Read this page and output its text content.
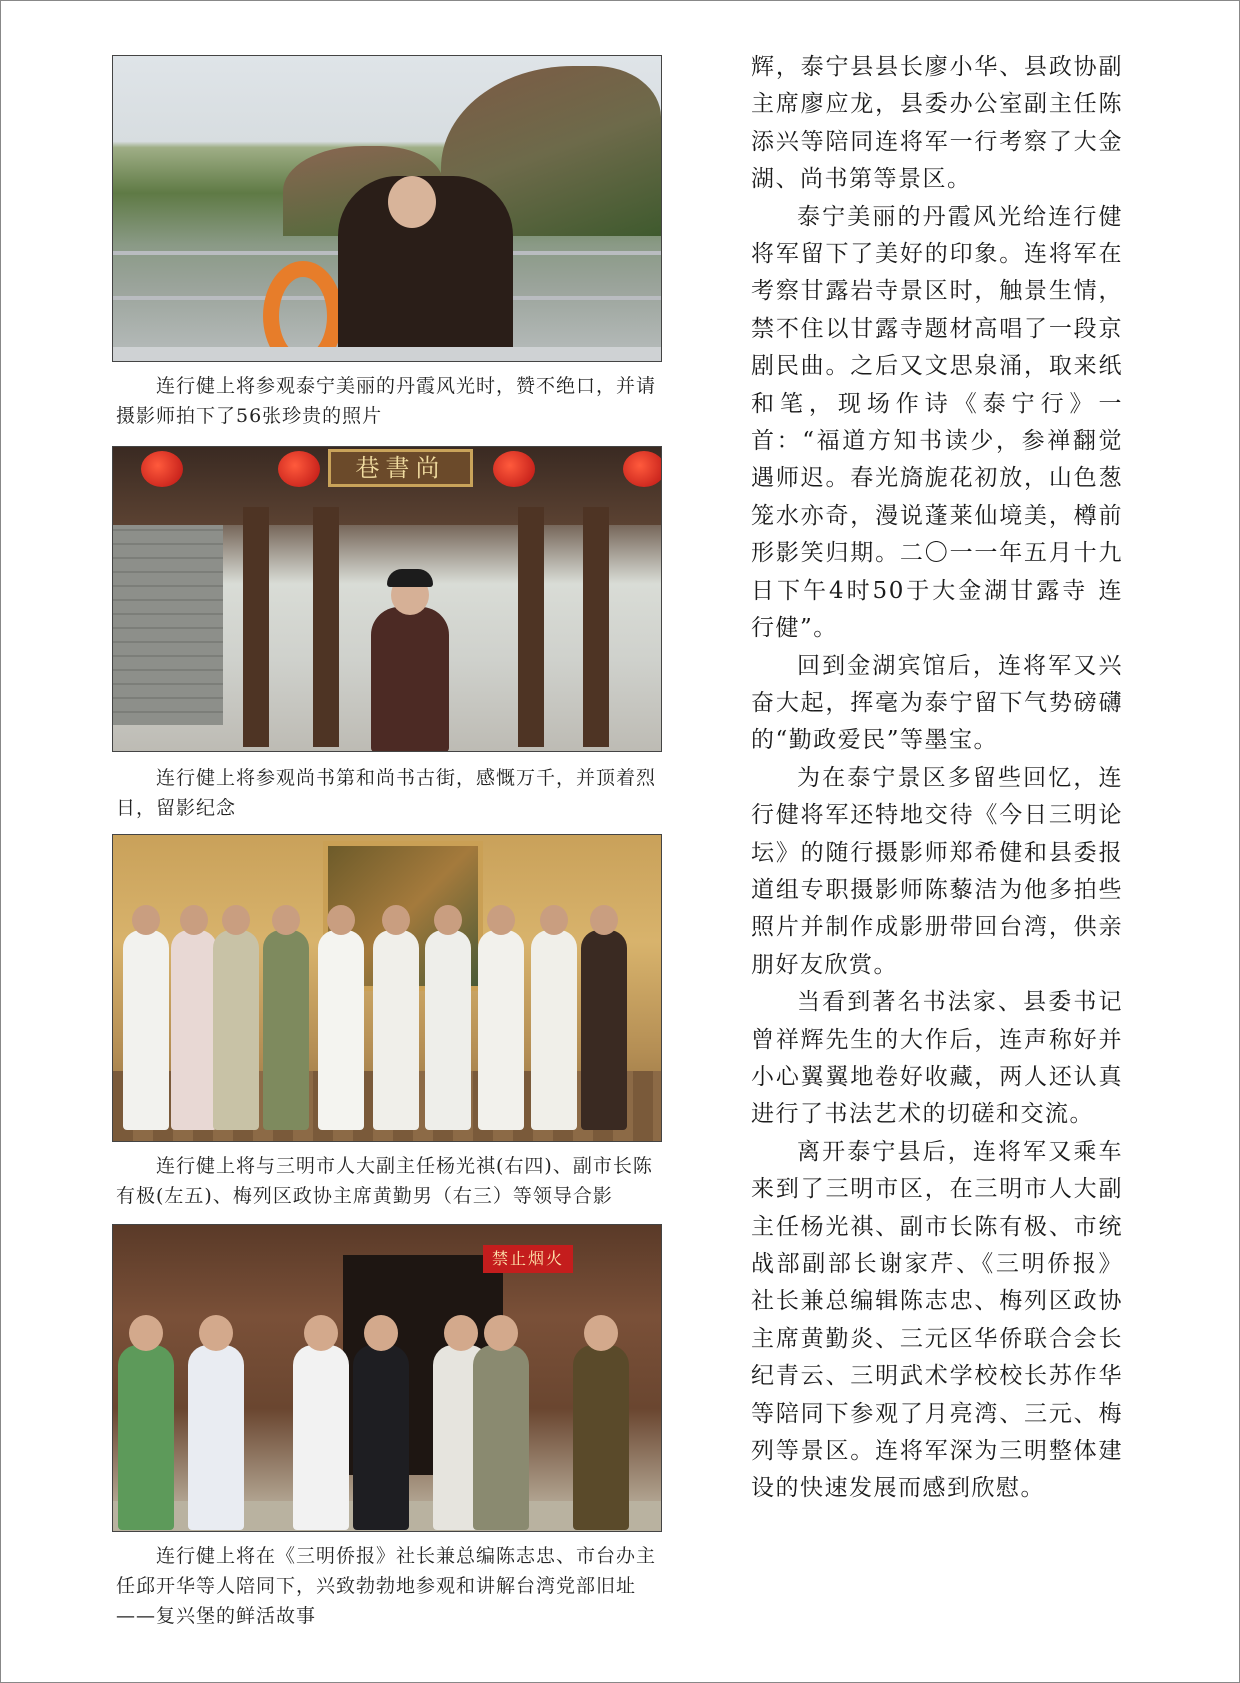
连行健上将参观泰宁美丽的丹霞风光时，赞不绝口，并请摄影师拍下了56张珍贵的照片
巷書尚
连行健上将参观尚书第和尚书古街，感慨万千，并顶着烈日，留影纪念
连行健上将与三明市人大副主任杨光祺(右四)、副市长陈有极(左五)、梅列区政协主席黄勤男（右三）等领导合影
禁止烟火
连行健上将在《三明侨报》社长兼总编陈志忠、市台办主任邱开华等人陪同下，兴致勃勃地参观和讲解台湾党部旧址——复兴堡的鲜活故事

辉，泰宁县县长廖小华、县政协副主席廖应龙，县委办公室副主任陈添兴等陪同连将军一行考察了大金湖、尚书第等景区。

泰宁美丽的丹霞风光给连行健将军留下了美好的印象。连将军在考察甘露岩寺景区时，触景生情，禁不住以甘露寺题材高唱了一段京剧民曲。之后又文思泉涌，取来纸和笔，现场作诗《泰宁行》一首：“福道方知书读少，参禅翻觉遇师迟。春光旖旎花初放，山色葱笼水亦奇，漫说蓬莱仙境美，樽前形影笑归期。二〇一一年五月十九日下午4时50于大金湖甘露寺 连行健”。

回到金湖宾馆后，连将军又兴奋大起，挥毫为泰宁留下气势磅礴的“勤政爱民”等墨宝。

为在泰宁景区多留些回忆，连行健将军还特地交待《今日三明论坛》的随行摄影师郑希健和县委报道组专职摄影师陈藜洁为他多拍些照片并制作成影册带回台湾，供亲朋好友欣赏。

当看到著名书法家、县委书记曾祥辉先生的大作后，连声称好并小心翼翼地卷好收藏，两人还认真进行了书法艺术的切磋和交流。

离开泰宁县后，连将军又乘车来到了三明市区，在三明市人大副主任杨光祺、副市长陈有极、市统战部副部长谢家芹、《三明侨报》社长兼总编辑陈志忠、梅列区政协主席黄勤炎、三元区华侨联合会长纪青云、三明武术学校校长苏作华等陪同下参观了月亮湾、三元、梅列等景区。连将军深为三明整体建设的快速发展而感到欣慰。
